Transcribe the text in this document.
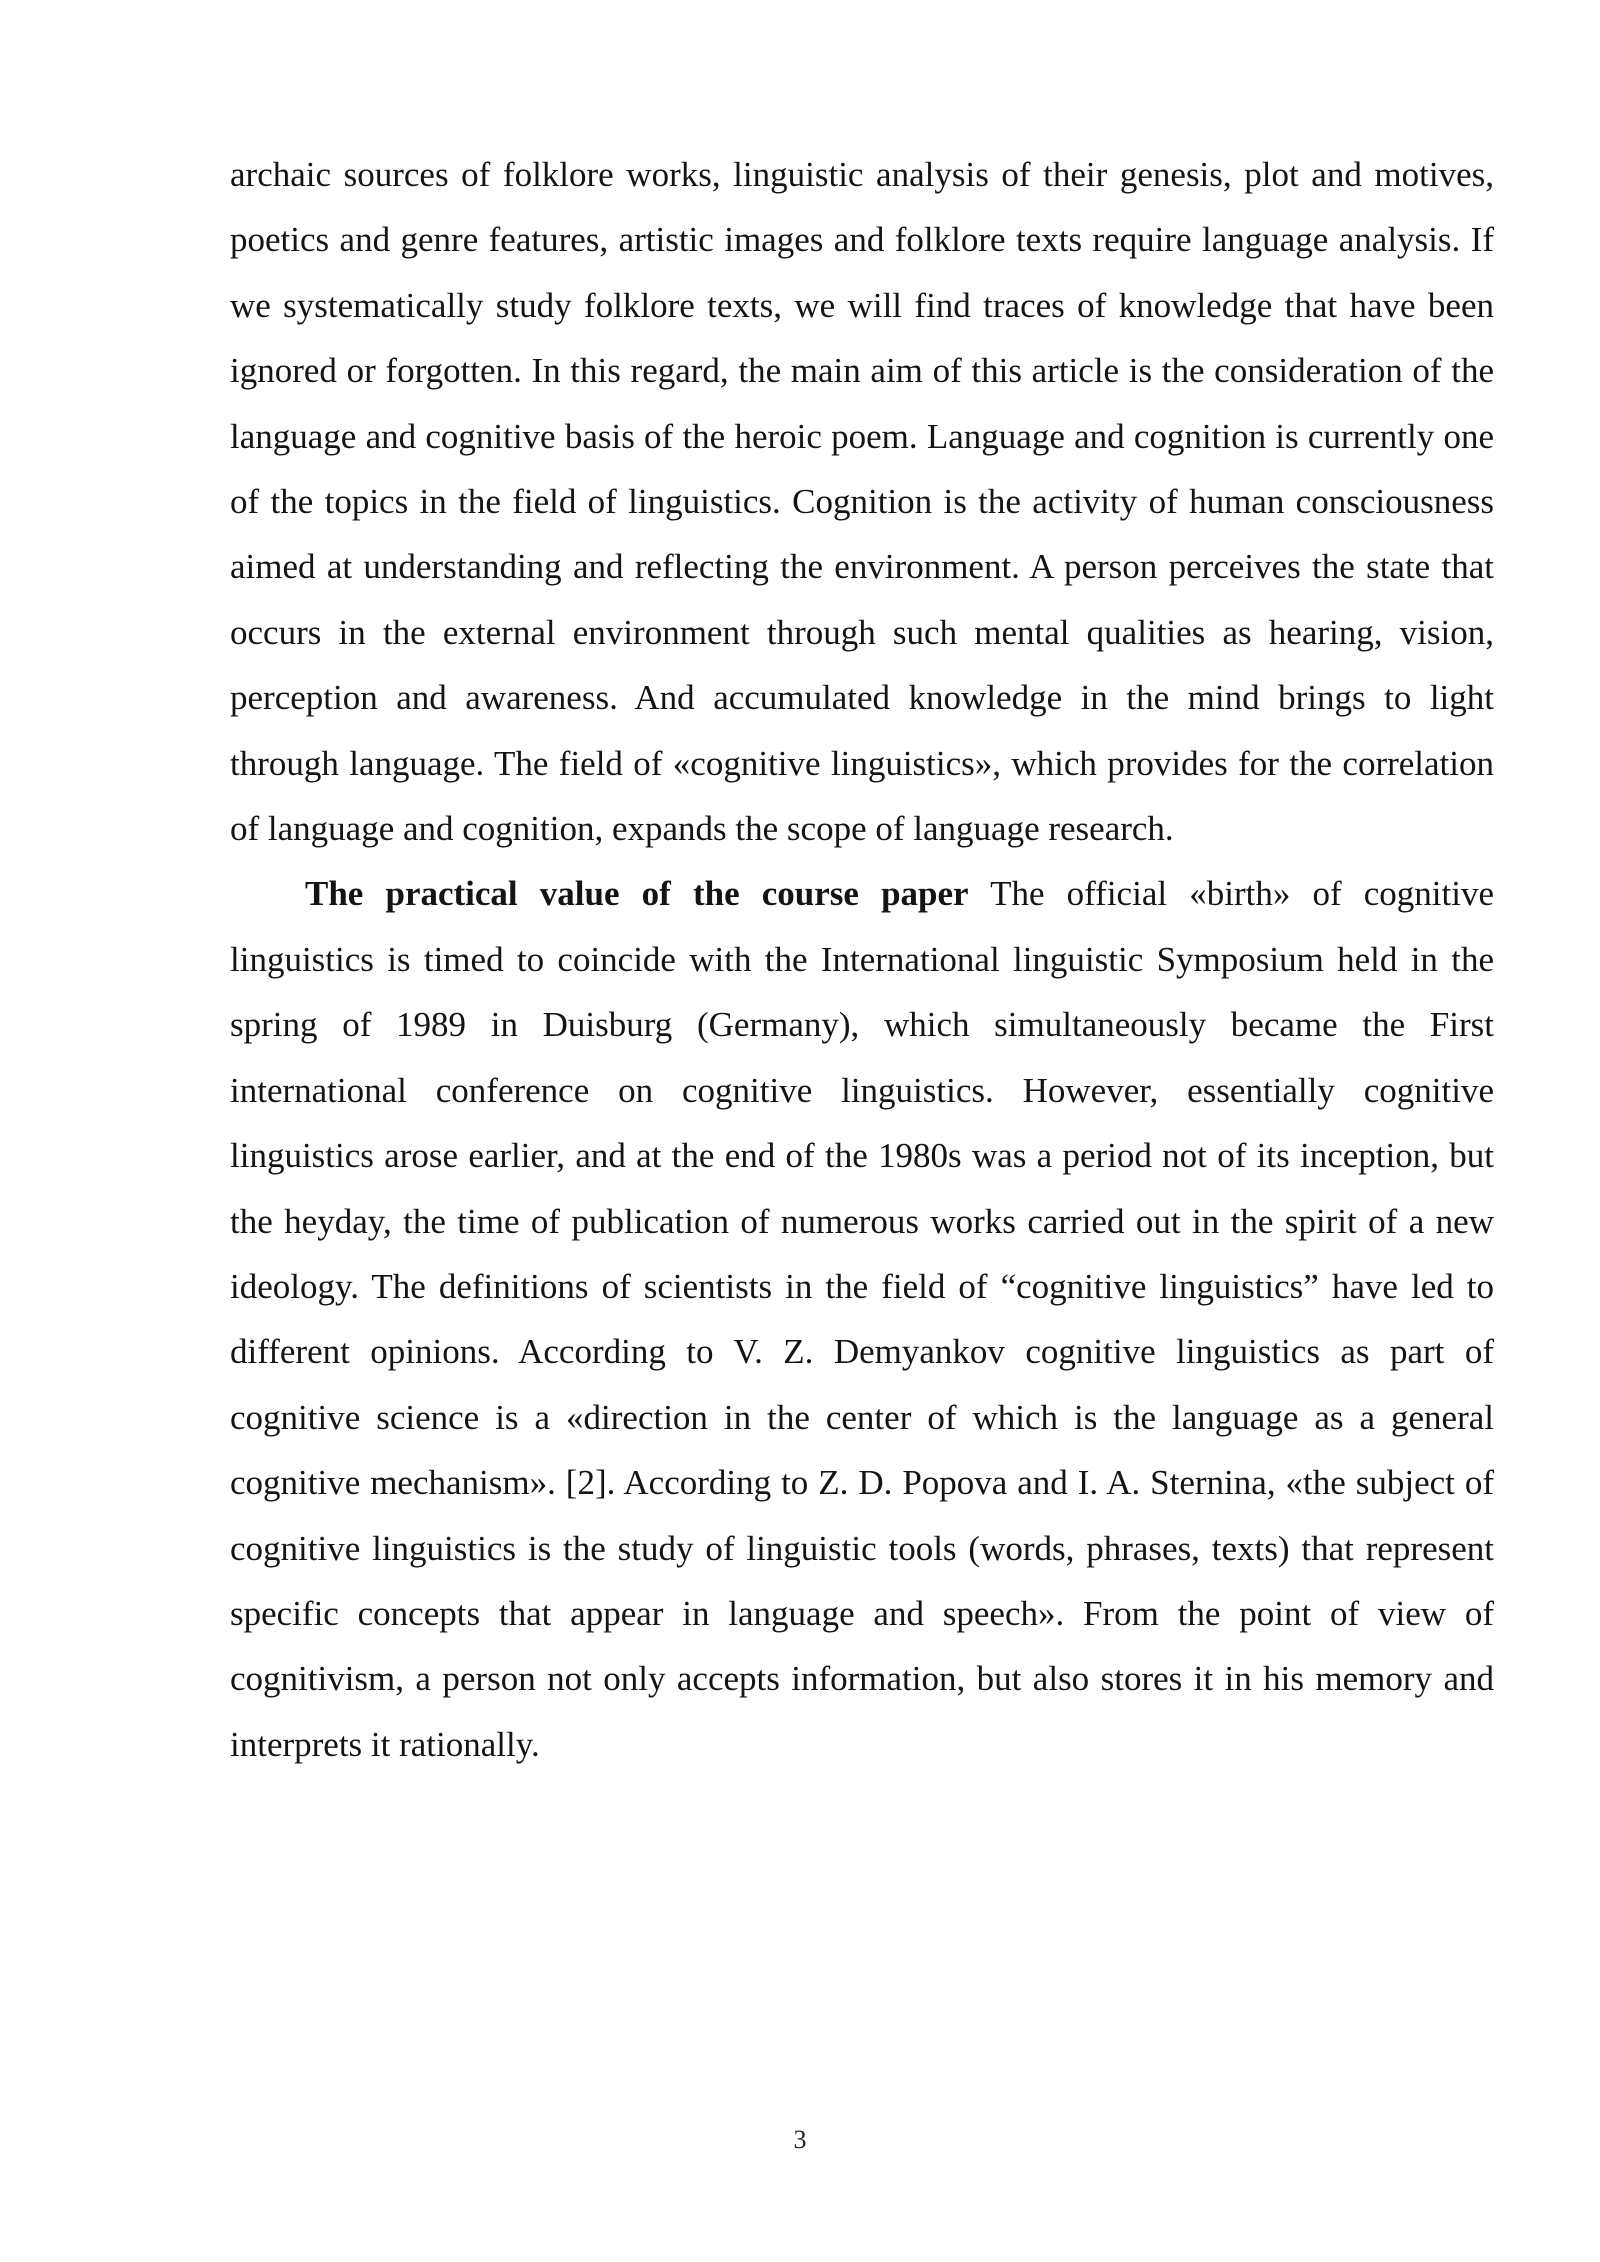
archaic sources of folklore works, linguistic analysis of their genesis, plot and motives, poetics and genre features, artistic images and folklore texts require language analysis. If we systematically study folklore texts, we will find traces of knowledge that have been ignored or forgotten. In this regard, the main aim of this article is the consideration of the language and cognitive basis of the heroic poem. Language and cognition is currently one of the topics in the field of linguistics. Cognition is the activity of human consciousness aimed at understanding and reflecting the environment. A person perceives the state that occurs in the external environment through such mental qualities as hearing, vision, perception and awareness. And accumulated knowledge in the mind brings to light through language. The field of «cognitive linguistics», which provides for the correlation of language and cognition, expands the scope of language research.

The practical value of the course paper The official «birth» of cognitive linguistics is timed to coincide with the International linguistic Symposium held in the spring of 1989 in Duisburg (Germany), which simultaneously became the First international conference on cognitive linguistics. However, essentially cognitive linguistics arose earlier, and at the end of the 1980s was a period not of its inception, but the heyday, the time of publication of numerous works carried out in the spirit of a new ideology. The definitions of scientists in the field of “cognitive linguistics” have led to different opinions. According to V. Z. Demyankov cognitive linguistics as part of cognitive science is a «direction in the center of which is the language as a general cognitive mechanism». [2]. According to Z. D. Popova and I. A. Sternina, «the subject of cognitive linguistics is the study of linguistic tools (words, phrases, texts) that represent specific concepts that appear in language and speech». From the point of view of cognitivism, a person not only accepts information, but also stores it in his memory and interprets it rationally.

3
